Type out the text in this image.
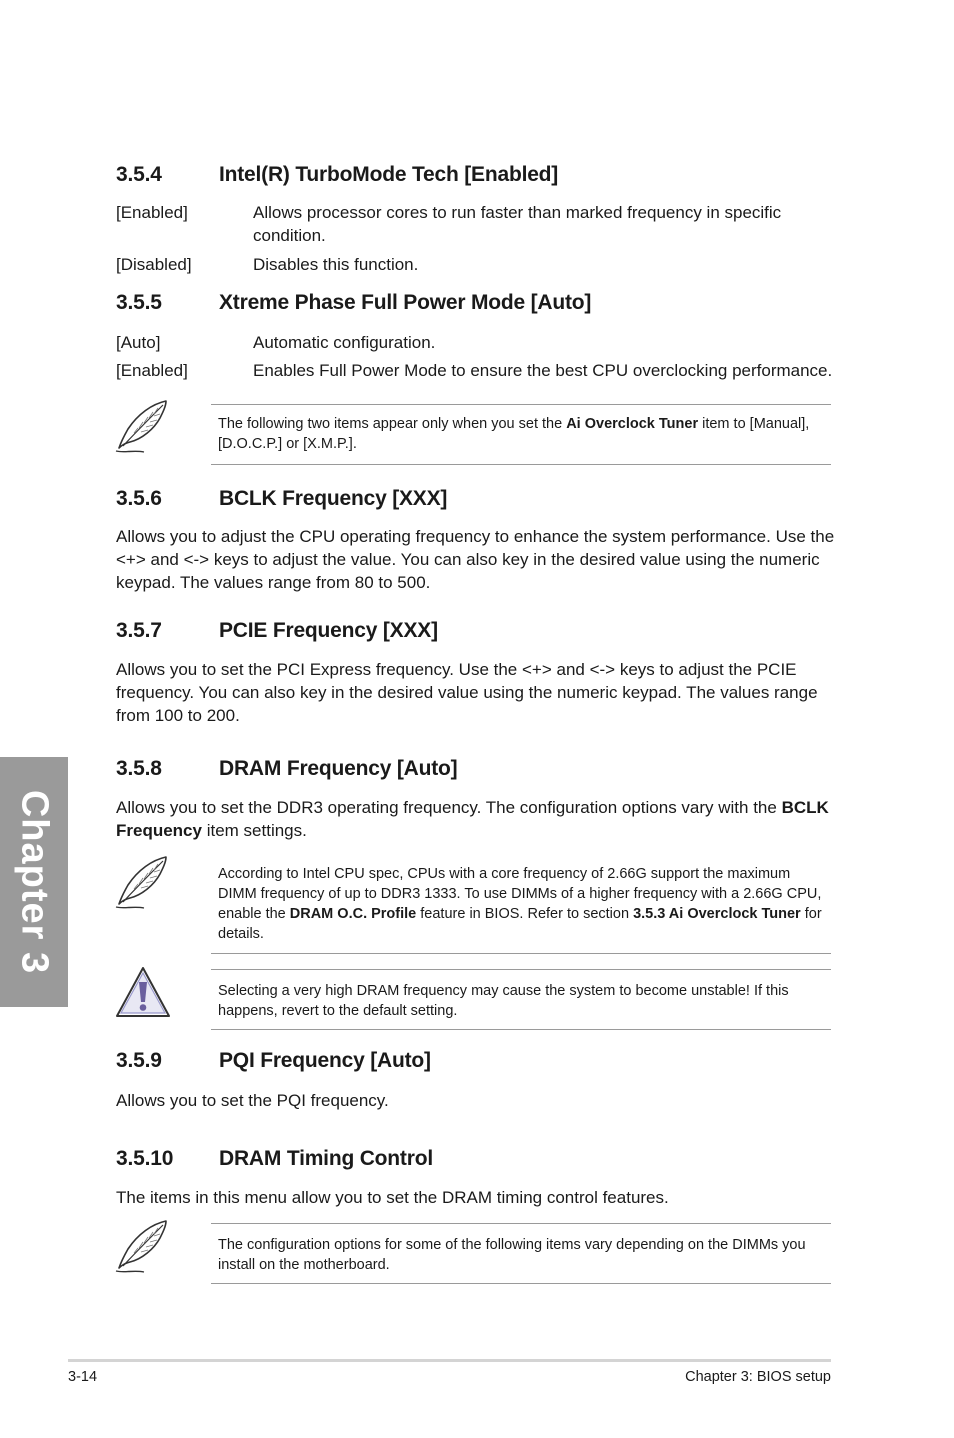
Chapter 3
3.5.4	Intel(R) TurboMode Tech [Enabled]
[Enabled]	Allows processor cores to run faster than marked frequency in specific condition.
[Disabled]	Disables this function.
3.5.5	Xtreme Phase Full Power Mode [Auto]
[Auto]	Automatic configuration.
[Enabled]	Enables Full Power Mode to ensure the best CPU overclocking performance.
The following two items appear only when you set the Ai Overclock Tuner item to [Manual], [D.O.C.P.] or [X.M.P.].
3.5.6	BCLK Frequency [XXX]

Allows you to adjust the CPU operating frequency to enhance the system performance. Use the <+> and <-> keys to adjust the value. You can also key in the desired value using the numeric keypad. The values range from 80 to 500.

3.5.7	PCIE Frequency [XXX]

Allows you to set the PCI Express frequency. Use the <+> and <-> keys to adjust the PCIE frequency. You can also key in the desired value using the numeric keypad. The values range from 100 to 200.

3.5.8	DRAM Frequency [Auto]

Allows you to set the DDR3 operating frequency. The configuration options vary with the BCLK Frequency item settings.

According to Intel CPU spec, CPUs with a core frequency of 2.66G support the maximum DIMM frequency of up to DDR3 1333. To use DIMMs of a higher frequency with a 2.66G CPU, enable the DRAM O.C. Profile feature in BIOS. Refer to section 3.5.3 Ai Overclock Tuner for details.
Selecting a very high DRAM frequency may cause the system to become unstable! If this happens, revert to the default setting.
3.5.9	PQI Frequency [Auto]

Allows you to set the PQI frequency.

3.5.10 DRAM Timing Control

The items in this menu allow you to set the DRAM timing control features.

The configuration options for some of the following items vary depending on the DIMMs you install on the motherboard.
3-14	Chapter 3: BIOS setup
